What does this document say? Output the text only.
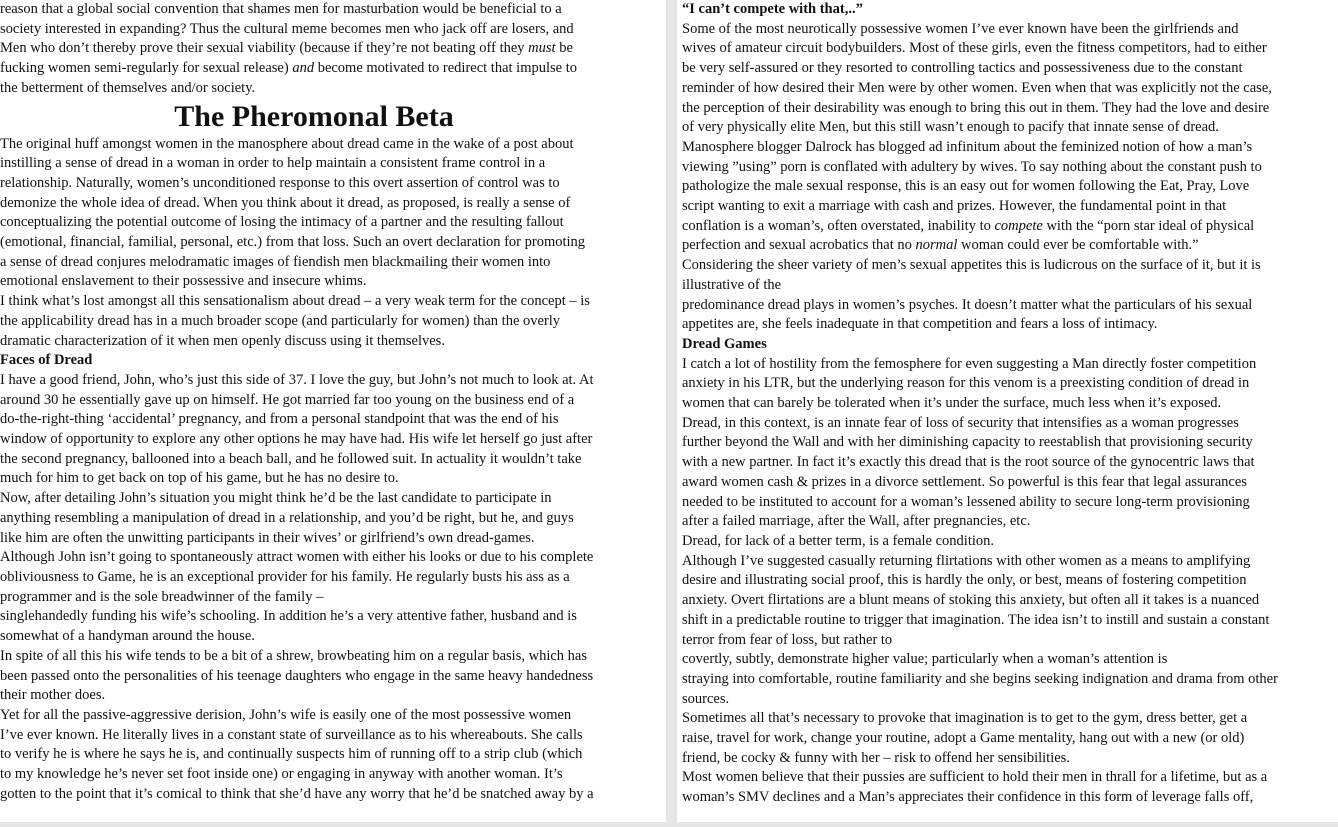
reason that a global social convention that shames men for masturbation would be beneficial to a
society interested in expanding? Thus the cultural meme becomes men who jack off are losers, and
Men who don’t thereby prove their sexual viability (because if they’re not beating off they must be
fucking women semi-regularly for sexual release) and become motivated to redirect that impulse to
the betterment of themselves and/or society.
The Pheromonal Beta
The original huff amongst women in the manosphere about dread came in the wake of a post about
instilling a sense of dread in a woman in order to help maintain a consistent frame control in a
relationship. Naturally, women’s unconditioned response to this overt assertion of control was to
demonize the whole idea of dread. When you think about it dread, as proposed, is really a sense of
conceptualizing the potential outcome of losing the intimacy of a partner and the resulting fallout
(emotional, financial, familial, personal, etc.) from that loss. Such an overt declaration for promoting
a sense of dread conjures melodramatic images of fiendish men blackmailing their women into
emotional enslavement to their possessive and insecure whims.
I think what’s lost amongst all this sensationalism about dread – a very weak term for the concept – is
the applicability dread has in a much broader scope (and particularly for women) than the overly
dramatic characterization of it when men openly discuss using it themselves.
Faces of Dread
I have a good friend, John, who’s just this side of 37. I love the guy, but John’s not much to look at. At
around 30 he essentially gave up on himself. He got married far too young on the business end of a
do-the-right-thing ‘accidental’ pregnancy, and from a personal standpoint that was the end of his
window of opportunity to explore any other options he may have had. His wife let herself go just after
the second pregnancy, ballooned into a beach ball, and he followed suit. In actuality it wouldn’t take
much for him to get back on top of his game, but he has no desire to.
Now, after detailing John’s situation you might think he’d be the last candidate to participate in
anything resembling a manipulation of dread in a relationship, and you’d be right, but he, and guys
like him are often the unwitting participants in their wives’ or girlfriend’s own dread-games.
Although John isn’t going to spontaneously attract women with either his looks or due to his complete
obliviousness to Game, he is an exceptional provider for his family. He regularly busts his ass as a
programmer and is the sole breadwinner of the family –
singlehandedly funding his wife’s schooling. In addition he’s a very attentive father, husband and is
somewhat of a handyman around the house.
In spite of all this his wife tends to be a bit of a shrew, browbeating him on a regular basis, which has
been passed onto the personalities of his teenage daughters who engage in the same heavy handedness
their mother does.
Yet for all the passive-aggressive derision, John’s wife is easily one of the most possessive women
I’ve ever known. He literally lives in a constant state of surveillance as to his whereabouts. She calls
to verify he is where he says he is, and continually suspects him of running off to a strip club (which
to my knowledge he’s never set foot inside one) or engaging in anyway with another woman. It’s
gotten to the point that it’s comical to think that she’d have any worry that he’d be snatched away by a
“I can’t compete with that,..”
Some of the most neurotically possessive women I’ve ever known have been the girlfriends and
wives of amateur circuit bodybuilders. Most of these girls, even the fitness competitors, had to either
be very self-assured or they resorted to controlling tactics and possessiveness due to the constant
reminder of how desired their Men were by other women. Even when that was explicitly not the case,
the perception of their desirability was enough to bring this out in them. They had the love and desire
of very physically elite Men, but this still wasn’t enough to pacify that innate sense of dread.
Manosphere blogger Dalrock has blogged ad infinitum about the feminized notion of how a man’s
viewing ”using” porn is conflated with adultery by wives. To say nothing about the constant push to
pathologize the male sexual response, this is an easy out for women following the Eat, Pray, Love
script wanting to exit a marriage with cash and prizes. However, the fundamental point in that
conflation is a woman’s, often overstated, inability to compete with the “porn star ideal of physical
perfection and sexual acrobatics that no normal woman could ever be comfortable with.”
Considering the sheer variety of men’s sexual appetites this is ludicrous on the surface of it, but it is
illustrative of the
predominance dread plays in women’s psyches. It doesn’t matter what the particulars of his sexual
appetites are, she feels inadequate in that competition and fears a loss of intimacy.
Dread Games
I catch a lot of hostility from the femosphere for even suggesting a Man directly foster competition
anxiety in his LTR, but the underlying reason for this venom is a preexisting condition of dread in
women that can barely be tolerated when it’s under the surface, much less when it’s exposed.
Dread, in this context, is an innate fear of loss of security that intensifies as a woman progresses
further beyond the Wall and with her diminishing capacity to reestablish that provisioning security
with a new partner. In fact it’s exactly this dread that is the root source of the gynocentric laws that
award women cash & prizes in a divorce settlement. So powerful is this fear that legal assurances
needed to be instituted to account for a woman’s lessened ability to secure long-term provisioning
after a failed marriage, after the Wall, after pregnancies, etc.
Dread, for lack of a better term, is a female condition.
Although I’ve suggested casually returning flirtations with other women as a means to amplifying
desire and illustrating social proof, this is hardly the only, or best, means of fostering competition
anxiety. Overt flirtations are a blunt means of stoking this anxiety, but often all it takes is a nuanced
shift in a predictable routine to trigger that imagination. The idea isn’t to instill and sustain a constant
terror from fear of loss, but rather to
covertly, subtly, demonstrate higher value; particularly when a woman’s attention is
straying into comfortable, routine familiarity and she begins seeking indignation and drama from other
sources.
Sometimes all that’s necessary to provoke that imagination is to get to the gym, dress better, get a
raise, travel for work, change your routine, adopt a Game mentality, hang out with a new (or old)
friend, be cocky & funny with her – risk to offend her sensibilities.
Most women believe that their pussies are sufficient to hold their men in thrall for a lifetime, but as a
woman’s SMV declines and a Man’s appreciates their confidence in this form of leverage falls off,
